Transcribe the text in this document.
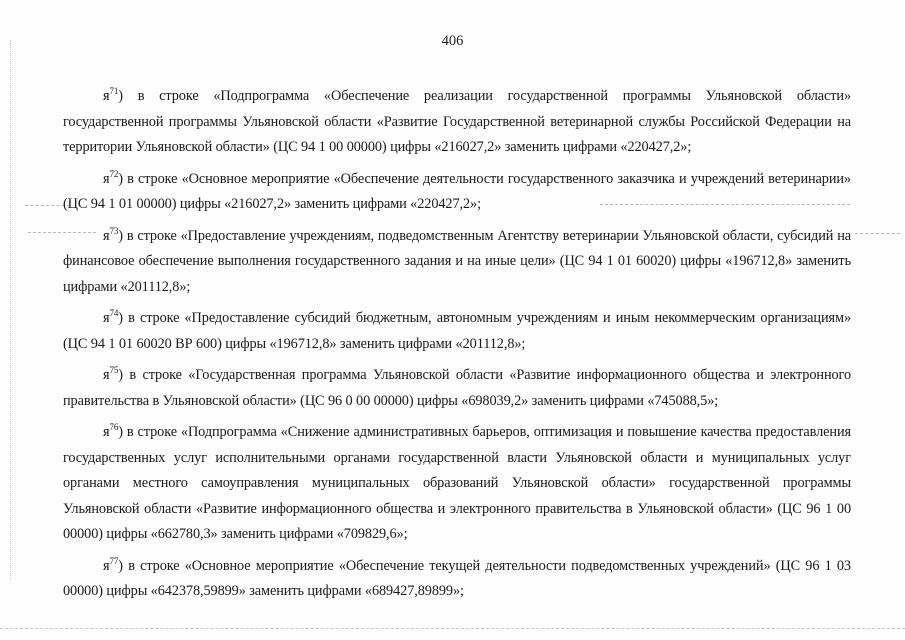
406

$я^{71}$) в строке «Подпрограмма «Обеспечение реализации государственной программы Ульяновской области» государственной программы Ульяновской области «Развитие Государственной ветеринарной службы Российской Федерации на территории Ульяновской области» (ЦС 94 1 00 00000) цифры «216027,2» заменить цифрами «220427,2»;

$я^{72}$) в строке «Основное мероприятие «Обеспечение деятельности государственного заказчика и учреждений ветеринарии» (ЦС 94 1 01 00000) цифры «216027,2» заменить цифрами «220427,2»;

$я^{73}$) в строке «Предоставление учреждениям, подведомственным Агентству ветеринарии Ульяновской области, субсидий на финансовое обеспечение выполнения государственного задания и на иные цели» (ЦС 94 1 01 60020) цифры «196712,8» заменить цифрами «201112,8»;

$я^{74}$) в строке «Предоставление субсидий бюджетным, автономным учреждениям и иным некоммерческим организациям» (ЦС 94 1 01 60020 ВР 600) цифры «196712,8» заменить цифрами «201112,8»;

$я^{75}$) в строке «Государственная программа Ульяновской области «Развитие информационного общества и электронного правительства в Ульяновской области» (ЦС 96 0 00 00000) цифры «698039,2» заменить цифрами «745088,5»;

$я^{76}$) в строке «Подпрограмма «Снижение административных барьеров, оптимизация и повышение качества предоставления государственных услуг исполнительными органами государственной власти Ульяновской области и муниципальных услуг органами местного самоуправления муниципальных образований Ульяновской области» государственной программы Ульяновской области «Развитие информационного общества и электронного правительства в Ульяновской области» (ЦС 96 1 00 00000) цифры «662780,3» заменить цифрами «709829,6»;

$я^{77}$) в строке «Основное мероприятие «Обеспечение текущей деятельности подведомственных учреждений» (ЦС 96 1 03 00000) цифры «642378,59899» заменить цифрами «689427,89899»;
